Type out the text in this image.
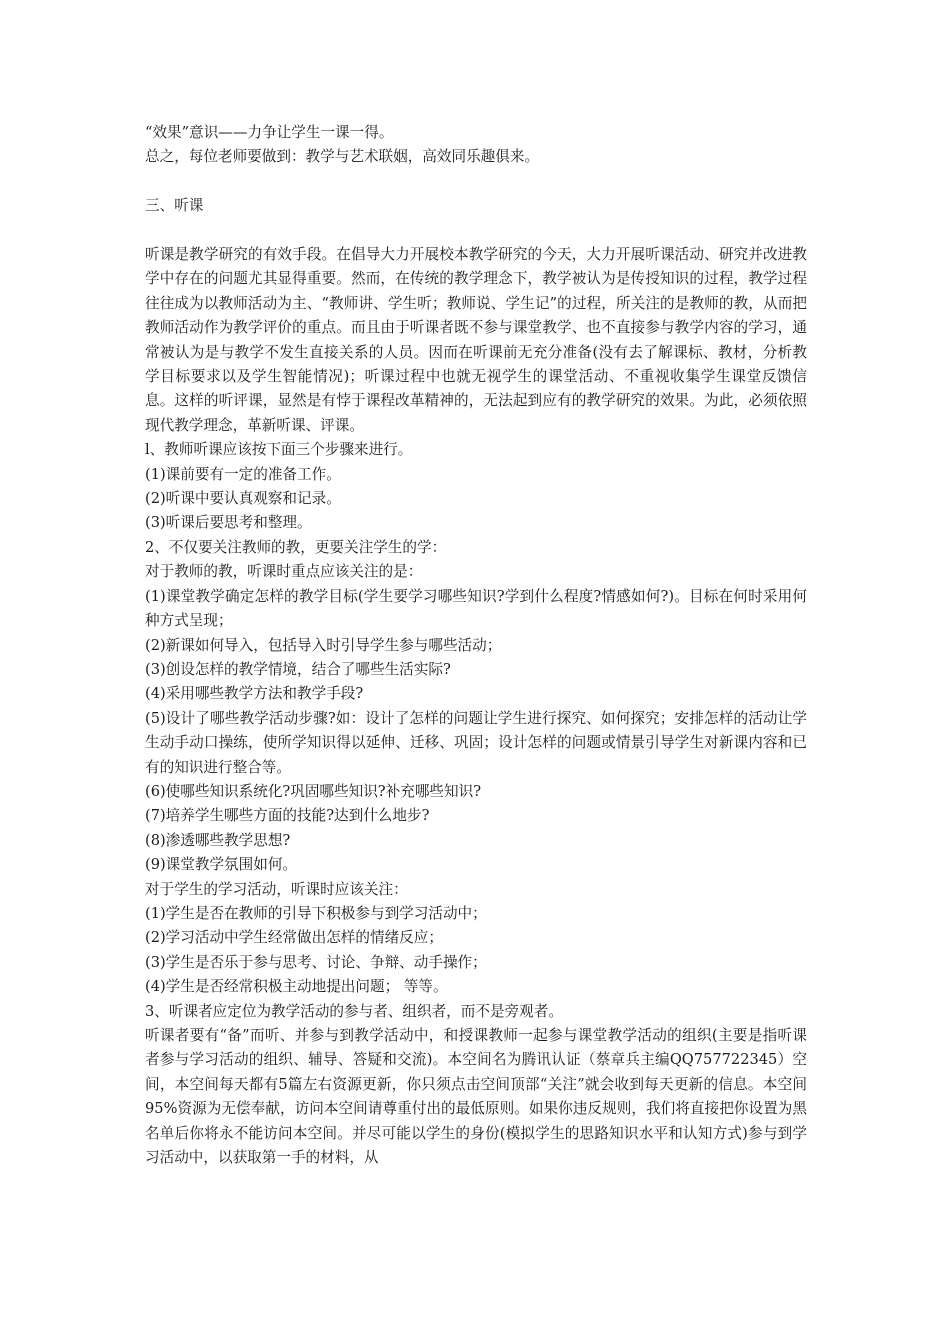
“效果”意识——力争让学生一课一得。

总之，每位老师要做到：教学与艺术联姻，高效同乐趣俱来。

三、听课

听课是教学研究的有效手段。在倡导大力开展校本教学研究的今天，大力开展听课活动、研究并改进教学中存在的问题尤其显得重要。然而，在传统的教学理念下，教学被认为是传授知识的过程，教学过程往往成为以教师活动为主、“教师讲、学生听；教师说、学生记”的过程，所关注的是教师的教，从而把教师活动作为教学评价的重点。而且由于听课者既不参与课堂教学、也不直接参与教学内容的学习，通常被认为是与教学不发生直接关系的人员。因而在听课前无充分准备(没有去了解课标、教材，分析教学目标要求以及学生智能情况)；听课过程中也就无视学生的课堂活动、不重视收集学生课堂反馈信息。这样的听评课，显然是有悖于课程改革精神的，无法起到应有的教学研究的效果。为此，必须依照现代教学理念，革新听课、评课。

l、教师听课应该按下面三个步骤来进行。

(1)课前要有一定的准备工作。

(2)听课中要认真观察和记录。

(3)听课后要思考和整理。

2、不仅要关注教师的教，更要关注学生的学：

对于教师的教，听课时重点应该关注的是：

(1)课堂教学确定怎样的教学目标(学生要学习哪些知识?学到什么程度?情感如何?)。目标在何时采用何种方式呈现；

(2)新课如何导入，包括导入时引导学生参与哪些活动；

(3)创设怎样的教学情境，结合了哪些生活实际?

(4)采用哪些教学方法和教学手段?

(5)设计了哪些教学活动步骤?如：设计了怎样的问题让学生进行探究、如何探究；安排怎样的活动让学生动手动口操练，使所学知识得以延伸、迁移、巩固；设计怎样的问题或情景引导学生对新课内容和已有的知识进行整合等。

(6)使哪些知识系统化?巩固哪些知识?补充哪些知识?

(7)培养学生哪些方面的技能?达到什么地步?

(8)渗透哪些教学思想?

(9)课堂教学氛围如何。

对于学生的学习活动，听课时应该关注：

(1)学生是否在教师的引导下积极参与到学习活动中；

(2)学习活动中学生经常做出怎样的情绪反应；

(3)学生是否乐于参与思考、讨论、争辩、动手操作；

(4)学生是否经常积极主动地提出问题； 等等。

3、听课者应定位为教学活动的参与者、组织者，而不是旁观者。

听课者要有“备”而听、并参与到教学活动中，和授课教师一起参与课堂教学活动的组织(主要是指听课者参与学习活动的组织、辅导、答疑和交流)。本空间名为腾讯认证（蔡章兵主编QQ757722345）空间，本空间每天都有5篇左右资源更新，你只须点击空间顶部“关注”就会收到每天更新的信息。本空间95%资源为无偿奉献，访问本空间请尊重付出的最低原则。如果你违反规则，我们将直接把你设置为黑名单后你将永不能访问本空间。并尽可能以学生的身份(模拟学生的思路知识水平和认知方式)参与到学习活动中，以获取第一手的材料，从
